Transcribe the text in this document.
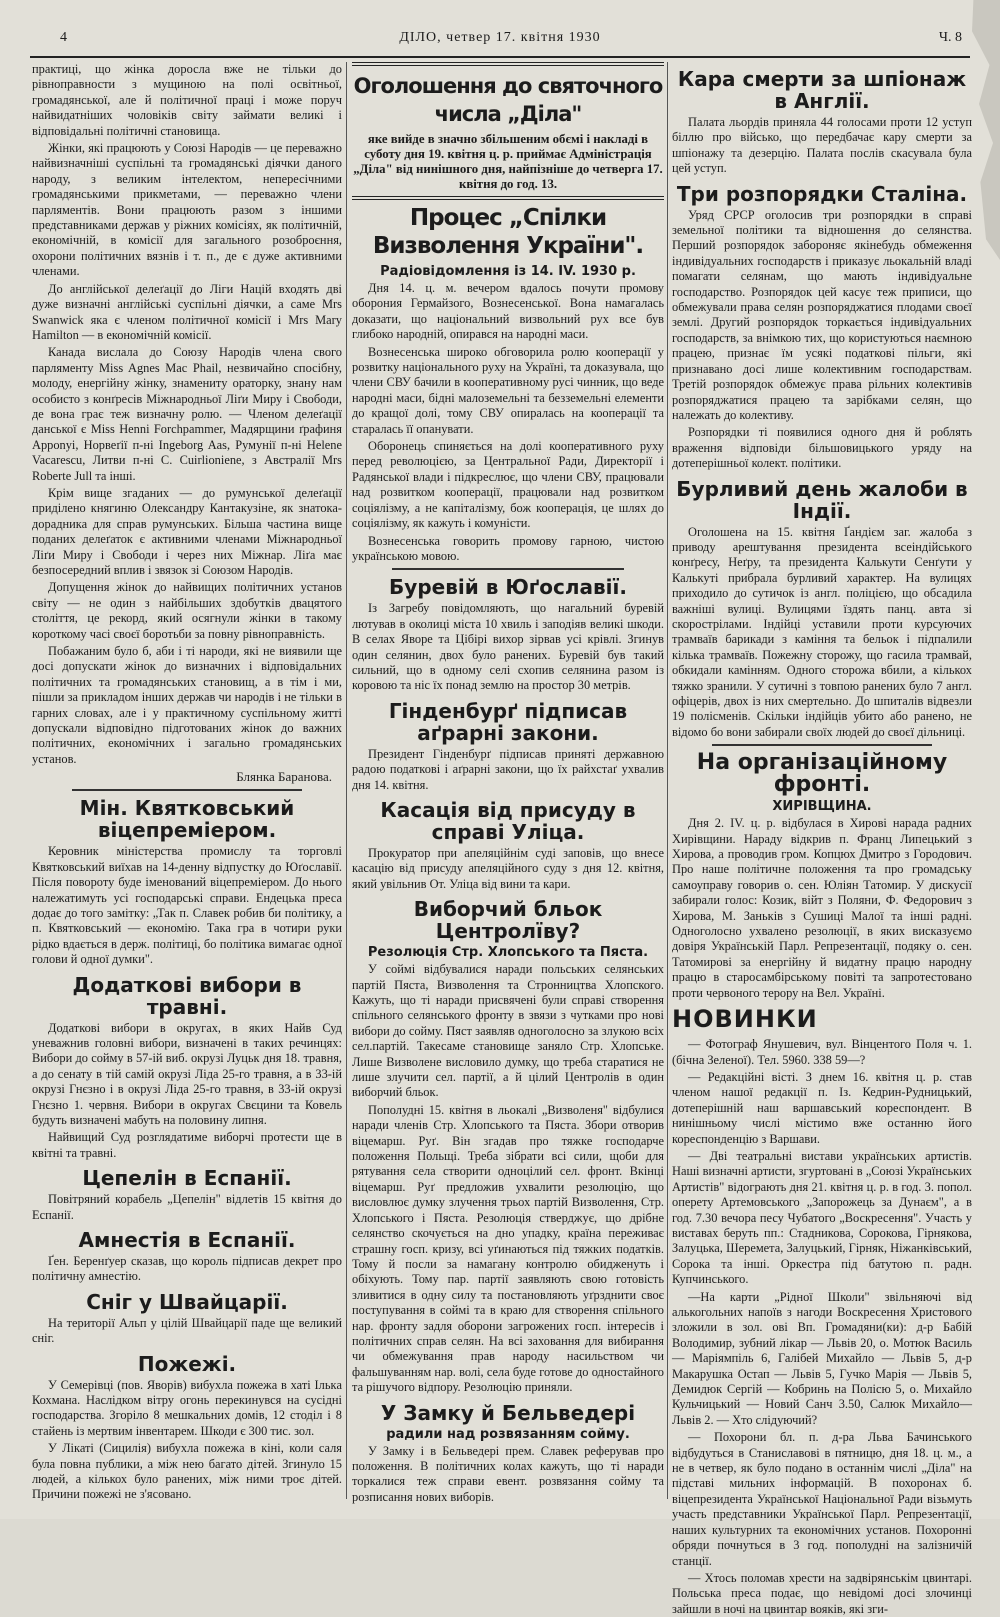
4	ДІЛО, четвер 17. квітня 1930	Ч. 8

практиці, що жінка доросла вже не тільки до рівноправности з мущиною на полі освітньої, громадянської, але й політичної праці і може поруч найвидатніших чоловіків світу займати великі і відповідальні політичні становища.

Жінки, які працюють у Союзі Народів — це переважно найвизначніші суспільні та громадянські діячки даного народу, з великим інтелектом, непересічними громадянськими прикметами, — переважно члени парляментів. Вони працюють разом з іншими представниками держав у ріжних комісіях, як політичній, економічній, в комісії для загального розоброєння, охорони політичних вязнів і т. п., де є дуже активними членами.

До англійської делеґації до Ліги Націй входять дві дуже визначні англійські суспільні діячки, а саме Mrs Swanwick яка є членом політичної комісії і Mrs Mary Hamilton — в економічній комісії.

Канада вислала до Союзу Народів члена свого парляменту Miss Agnes Mac Phail, незвичайно спосібну, молоду, енергійну жінку, знаменитy ораторку, знану нам особисто з конґресів Міжнародньої Ліґи Миру і Свободи, де вона грає теж визначну ролю. — Членом делеґації данської є Miss Henni Forchpammer, Мадярщини ґрафиня Apponyi, Норвеґії п-ні Ingeborg Aas, Румунії п-ні Helene Vacarescu, Литви п-ні C. Cuirlioniene, з Австралії Mrs Roberte Jull та інші.

Крім вище згаданих — до румунської делеґації приділено княгиню Олександру Кантакузіне, як знатока-дорадника для справ румунських. Більша частина вище поданих делеґаток є активними членами Міжнародньої Ліґи Миру і Свободи і через них Міжнар. Ліґа має безпосередний вплив і звязок зі Союзом Народів.

Допущення жінок до найвищих політичних установ світу — не один з найбільших здобутків двацятого століття, це рекорд, який осягнули жінки в такому короткому часі своєї боротьби за повну рівноправність.

Побажаним було б, аби і ті народи, які не виявили ще досі допускати жінок до визначних і відповідальних політичних та громадянських становищ, а в тім і ми, пішли за прикладом інших держав чи народів і не тільки в гарних словах, але і у практичному суспільному житті допускали відповідно підготованих жінок до важних політичних, економічних і загально громадянських установ.

Блянка Баранова.
Мін. Квятковський віцепреміером.

Керовник міністерства промислу та торговлі Квятковський виїхав на 14-денну відпустку до Юґославії. Після повороту буде іменований віцепреміером. До нього належатимуть усі господарські справи. Ендецька преса додає до того замітку: „Так п. Славек робив би політику, а п. Квятковський — економію. Така гра в чотири руки рідко вдається в держ. політиці, бо політика вимагає одної голови й одної думки".

Додаткові вибори в травні.

Додаткові вибори в округах, в яких Найв Суд уневажнив головні вибори, визначені в таких речинцях: Вибори до сойму в 57-ій виб. окрузі Луцьк дня 18. травня, а до сенату в тій самій окрузі Ліда 25-го травня, а в 33-ій окрузі Гнєзно і в окрузі Ліда 25-го травня, в 33-ій окрузі Гнєзно 1. червня. Вибори в округах Свєцини та Ковель будуть визначені мабуть на половину липня.

Найвищий Суд розглядатиме виборчі протести ще в квітні та травні.

Цепелін в Еспанії.

Повітряний корабель „Цепелін" відлетів 15 квітня до Еспанії.

Амнестія в Еспанії.

Ґен. Беренґуер сказав, що король підписав декрет про політичну амнестію.

Сніг у Швайцарії.

На території Альп у цілій Швайцарії паде ще великий сніг.

Пожежі.

У Семерівці (пов. Яворів) вибухла пожежа в хаті Ількa Кохмана. Наслідком вітру огонь перекинувся на сусідні господарства. Згоріло 8 мешкальних домів, 12 стоділ і 8 стайень із мертвим інвентарем. Шкоди є 300 тис. зол.

У Лікаті (Сицилія) вибухла пожежа в кіні, коли саля була повна публики, а між нею багато дітей. Згинуло 15 людей, а кількох було ранених, між ними троє дітей. Причини пожежі не з'ясовано.

Оголошення до святочного числа „Діла"

яке вийде в значно збільшеним обємі і накладі в суботу дня 19. квітня ц. р. приймає Адміністрація „Діла" від нинішного дня, найпізніше до четверга 17. квітня до год. 13.

Процес „Спілки Визволення України".
Радіовідомлення із 14. IV. 1930 р.

Дня 14. ц. м. вечером вдалось почути промову оборония Гермайзого, Вознесенської. Вона намагалась доказати, що національний визвольний рух все був глибоко народній, опирався на народні маси.

Вознесенська широко обговорила ролю кооперації у розвитку національного руху на Україні, та доказувала, що члени СВУ бачили в кооперативному русі чинник, що веде народні маси, бідні малоземельні та безземельні елементи до кращої долі, тому СВУ опиралась на кооперації та старалась її опанувати.

Оборонець спиняється на долі кооперативного руху перед революцією, за Центральної Ради, Директорії і Радянської влади і підкреслює, що члени СВУ, працювали над розвитком кооперації, працювали над розвитком соціялізму, а не капіталізму, бож кооперація, це шлях до соціялізму, як кажуть і комуністи.

Вознесенська говорить промову гарною, чистою українською мовою.

Буревій в Юґославії.

Із Загребу повідомляють, що нагальний буревій лютував в околиці міста 10 хвиль і заподіяв великі шкоди. В селах Яворе та Цібірі вихор зірвав усі крівлі. Згинув один селянин, двох було ранених. Буревій був такий сильний, що в одному селі схопив селянина разом із коровою та ніс їх понад землю на простор 30 метрів.

Гінденбурґ підписав аґрарні закони.

Президент Гінденбурґ підписав приняті державною радою податкові і аґрарні закони, що їх райхстаґ ухвалив дня 14. квітня.

Касація від присуду в справі Уліца.

Прокуратор при апеляційнім суді заповів, що внесе касацію від присуду апеляційного суду з дня 12. квітня, який увільнив От. Уліца від вини та кари.

Виборчий бльок Центролїву?
Резолюція Стр. Хлопського та Пяста.

У соймі відбувалися наради польських селянських партій Пяста, Визволення та Стронництва Хлопского. Кажуть, що ті наради присвячені були справі створення спільного селянського фронту в звязи з чутками про нові вибори до сойму. Пяст заявляв одноголосно за злукою всіх сел.партій. Такесаме становище заняло Стр. Хлопське. Лише Визволене висловило думку, що треба старатися не лише злучити сел. партії, а й цілий Центролів в один виборчий бльок.

Пополудні 15. квітня в льокалі „Визволеня" відбулися наради членів Стр. Хлопського та Пяста. Збори отворив віцемарш. Руґ. Він згадав про тяжке господарче положення Польщі. Треба зібрати всі сили, щоби для рятування села створити одноцілий сел. фронт. Вкінці віцемарш. Руґ предложив ухвалити резолюцію, що висловлює думку злучення трьох партій Визволення, Стр. Хлопського і Пяста. Резолюція стверджує, що дрібне селянство скочується на дно упадку, країна переживає страшну госп. кризу, всі уґинаються під тяжких податків. Тому й посли за намагану контролю обидженуть і обіхують. Тому пар. партії заявляють свою готовість зливитися в одну силу та постановляють уґрзднити своє поступування в соймі та в краю для створення спільного нар. фронту задля оборони загрожених госп. інтересів і політичних справ селян. На всі заховання для вибирання чи обмежування прав народу насильством чи фальшуванням нар. волі, села буде готове до одностайного та рішучого відпору. Резолюцію приняли.

У Замку й Бельведері
радили над розвязанням сойму.

У Замку і в Бельведері прем. Славек реферував про положення. В політичних колах кажуть, що ті наради торкалися теж справи евент. розвязання сойму та розписання нових виборів.

Кара смерти за шпіонаж в Англії.

Палата льордів приняла 44 голосами проти 12 уступ біллю про військо, що передбачає кару смерти за шпіонажу та дезерцію. Палата послів скасувала була цей уступ.

Три розпорядки Сталіна.

Уряд СРСР оголосив три розпорядки в справі земельної політики та відношення до селянства. Перший розпорядок забороняє якінебудь обмеження індивідуальних господарств і приказує льокальній владі помагати селянам, що мають індивідуальне господарство. Розпорядок цей касує теж приписи, що обмежували права селян розпоряджатися плодами своєї землі. Другий розпорядок торкається індивідуальних господарств, за внімкою тих, що користуються наємною працею, признає їм усякі податкові пільги, які признавано досі лише колективним господарствам. Третій розпорядок обмежує права рільних колективів розпоряджатися працею та зарібками селян, що належать до колективу.

Розпорядки ті появилися одного дня й роблять враження відповіди більшовицького уряду на дотеперішньої колект. політики.

Бурливий день жалоби в Індії.

Оголошена на 15. квітня Ґандієм заг. жалоба з приводу арештування президента всеіндійського конґресу, Неґру, та президента Калькути Сенґути у Калькуті прибрала бурливий характер. На вулицях приходило до сутичок із англ. поліцією, що обсадила важніші вулиці. Вулицями їздять панц. авта зі скорострілами. Індійці уставили проти курсуючих трамваїв барикади з каміння та бельок і підпалили кілька трамваїв. Пожежну сторожу, що гасила трамвай, обкидали камінням. Одного сторожа вбили, а кількох тяжко зранили. У сутичні з товпою ранених було 7 англ. офіцерів, двох із них смертельно. До шпиталів відвезли 19 полісменів. Скільки індійців убито або ранено, не відомо бо вони забирали своїх людей до своєї дільниці.

На організаційному фронті.
ХИРІВЩИНА.

Дня 2. IV. ц. р. відбулася в Хирові нарада радних Хирівщини. Нараду відкрив п. Франц Липецький з Хирова, а проводив гром. Копцюх Дмитро з Городович. Про наше політичне положення та про громадську самоуправу говорив о. сен. Юліян Татомир. У дискусії забирали голос: Козик, війт з Поляни, Ф. Федорович з Хирова, М. Заньків з Сушиці Малої та інші радні. Одноголосно ухвалено резолюції, в яких висказуємо довіря Українській Парл. Репрезентації, подяку о. сен. Татомирові за енергійну й видатну працю народну працю в старосамбірському повіті та запротестовано проти червоного терору на Вел. Україні.

НОВИНКИ

— Фотограф Янушевич, вул. Вінцентого Поля ч. 1. (бічна Зеленої). Тел. 5960. 338 59—?

— Редакційні вісті. З днем 16. квітня ц. р. став членом нашої редакції п. Із. Кедрин-Рудницький, дотеперішній наш варшавський кореспондент. В нинішньому числі містимо вже останню його кореспонденцію з Варшави.

— Дві театральні вистави українських артистів. Наші визначні артисти, згуртовані в „Союзі Українських Артистів" відограють дня 21. квітня ц. р. в год. 3. попол. оперету Артемовського „Запорожець за Дунаєм", а в год. 7.30 вечора песу Чубатого „Воскресення". Участь у виставах беруть пп.: Стадникова, Сорокова, Гірнякова, Залуцька, Шеремета, Залуцький, Гірняк, Ніжанківський, Сорока та інші. Оркестра під батутою п. радн. Купчинського.

—На карти „Рідної Школи" звільняючі від алькогольних напоїв з нагоди Воскресення Христового зложили в зол. ові Вп. Громадяни(ки): д-р Бабій Володимир, зубний лікар — Львів 20, о. Мотюк Василь — Маріямпіль 6, Галібей Михайло — Львів 5, д-р Макарушка Остап — Львів 5, Гучко Марія — Львів 5, Демидюк Сергій — Кобринь на Полісю 5, о. Михайло Кульчицький — Новий Санч 3.50, Салюк Михайло— Львів 2. — Хто слідуючий?

— Похорони бл. п. д-ра Льва Бачинського відбудуться в Станиславові в пятницю, дня 18. ц. м., а не в четвер, як було подано в останнім числі „Діла" на підставі мильних інформацій. В похоронах б. віцепрезидента Української Національної Ради візьмуть участь представники Української Парл. Репрезентації, наших культурних та економічних установ. Похоронні обряди почнуться в 3 год. пополудні на залізничій станції.

— Хтось поломав хрести на задвірянськім цвинтарі. Польська преса подає, що невідомі досі злочинці зайшли в ночі на цвинтар вояків, які зги-
